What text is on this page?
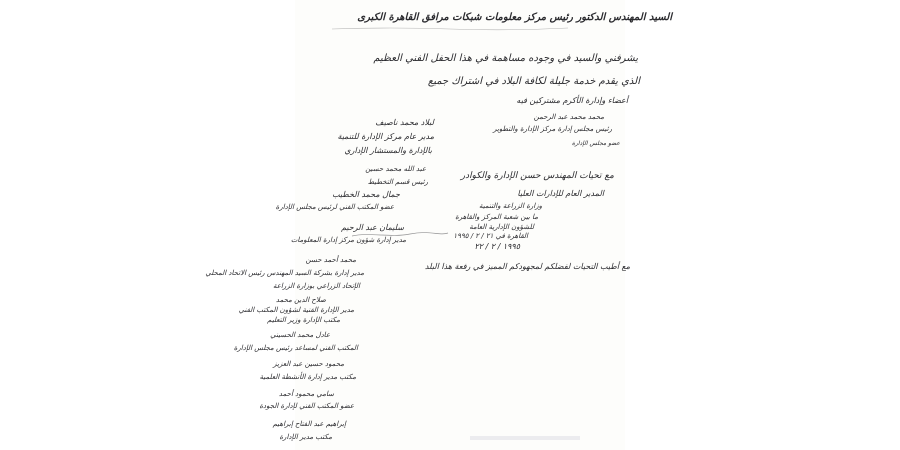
السيد المهندس الدكتور رئيس مركز معلومات شبكات مرافق القاهرة الكبرى
يشرفني والسيد في وجوده مساهمة في هذا الحفل الفني العظيم
الذي يقدم خدمة جليلة لكافة البلاد في اشتراك جميع
أعضاء وإدارة الأكرم مشتركين فيه
لبلاد محمد ناصيف
مدير عام مركز الإدارة للتنمية
بالإدارة والمستشار الإداري
عبد الله محمد حسين
رئيس قسم التخطيط
جمال محمد الخطيب
عضو المكتب الفني لرئيس مجلس الإدارة
سليمان عبد الرحيم
مدير إدارة شؤون مركز إدارة المعلومات
محمد محمد عبد الرحمن
رئيس مجلس إدارة مركز الإدارة والتطوير
عضو مجلس الإدارة
مع تحيات المهندس حسن الإدارة والكوادر
المدير العام للإدارات العليا
وزارة الزراعة والتنمية
ما بين شعبة المركز والقاهرة
للشؤون الإدارية العامة
القاهرة في ٢١ / ٢ / ١٩٩٥
١٩٩٥ / ٢ / ٢٢
مع أطيب التحيات لفضلكم لمجهودكم المميز في رفعة هذا البلد
محمد أحمد حسن
مدير إدارة بشركة السيد المهندس رئيس الاتحاد المحلي
الإتحاد الزراعي بوزارة الزراعة
صلاح الدين محمد
مدير الإدارة الفنية لشؤون المكتب الفني
مكتب الإدارة وزير التعليم
عادل محمد الحسيني
المكتب الفني لمساعد رئيس مجلس الإدارة
محمود حسين عبد العزيز
مكتب مدير إدارة الأنشطة العلمية
سامي محمود أحمد
عضو المكتب الفني لإدارة الجودة
إبراهيم عبد الفتاح إبراهيم
مكتب مدير الإدارة
